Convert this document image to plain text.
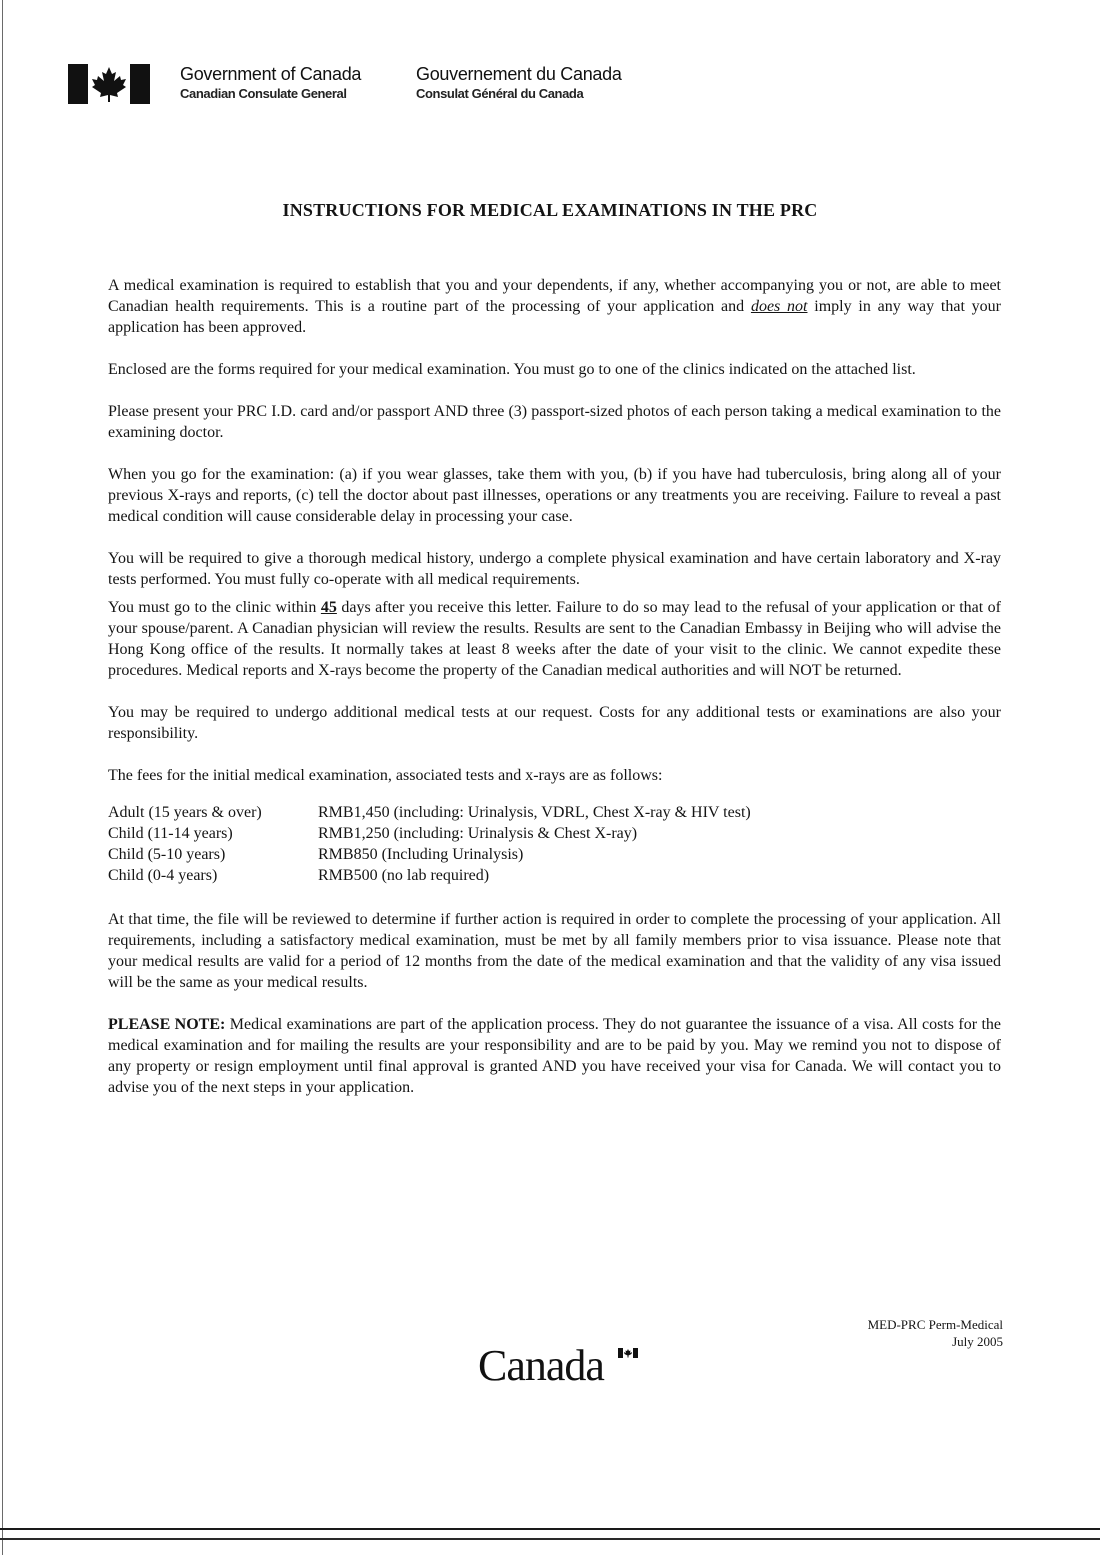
Government of Canada
Canadian Consulate General
Gouvernement du Canada
Consulat Général du Canada
INSTRUCTIONS FOR MEDICAL EXAMINATIONS IN THE PRC

A medical examination is required to establish that you and your dependents, if any, whether accompanying you or not, are able to meet Canadian health requirements. This is a routine part of the processing of your application and does not imply in any way that your application has been approved.

Enclosed are the forms required for your medical examination. You must go to one of the clinics indicated on the attached list.

Please present your PRC I.D. card and/or passport AND three (3) passport-sized photos of each person taking a medical examination to the examining doctor.

When you go for the examination: (a) if you wear glasses, take them with you, (b) if you have had tuberculosis, bring along all of your previous X-rays and reports, (c) tell the doctor about past illnesses, operations or any treatments you are receiving. Failure to reveal a past medical condition will cause considerable delay in processing your case.

You will be required to give a thorough medical history, undergo a complete physical examination and have certain laboratory and X-ray tests performed. You must fully co-operate with all medical requirements.

You must go to the clinic within 45 days after you receive this letter. Failure to do so may lead to the refusal of your application or that of your spouse/parent. A Canadian physician will review the results. Results are sent to the Canadian Embassy in Beijing who will advise the Hong Kong office of the results. It normally takes at least 8 weeks after the date of your visit to the clinic. We cannot expedite these procedures. Medical reports and X-rays become the property of the Canadian medical authorities and will NOT be returned.

You may be required to undergo additional medical tests at our request. Costs for any additional tests or examinations are also your responsibility.

The fees for the initial medical examination, associated tests and x-rays are as follows:

Adult (15 years & over)	RMB1,450 (including: Urinalysis, VDRL, Chest X-ray & HIV test)
Child (11-14 years)	RMB1,250 (including: Urinalysis & Chest X-ray)
Child (5-10 years)	RMB850 (Including Urinalysis)
Child (0-4 years)	RMB500 (no lab required)

At that time, the file will be reviewed to determine if further action is required in order to complete the processing of your application. All requirements, including a satisfactory medical examination, must be met by all family members prior to visa issuance. Please note that your medical results are valid for a period of 12 months from the date of the medical examination and that the validity of any visa issued will be the same as your medical results.

PLEASE NOTE: Medical examinations are part of the application process. They do not guarantee the issuance of a visa. All costs for the medical examination and for mailing the results are your responsibility and are to be paid by you. May we remind you not to dispose of any property or resign employment until final approval is granted AND you have received your visa for Canada. We will contact you to advise you of the next steps in your application.

MED-PRC Perm-Medical
July 2005
Canada
